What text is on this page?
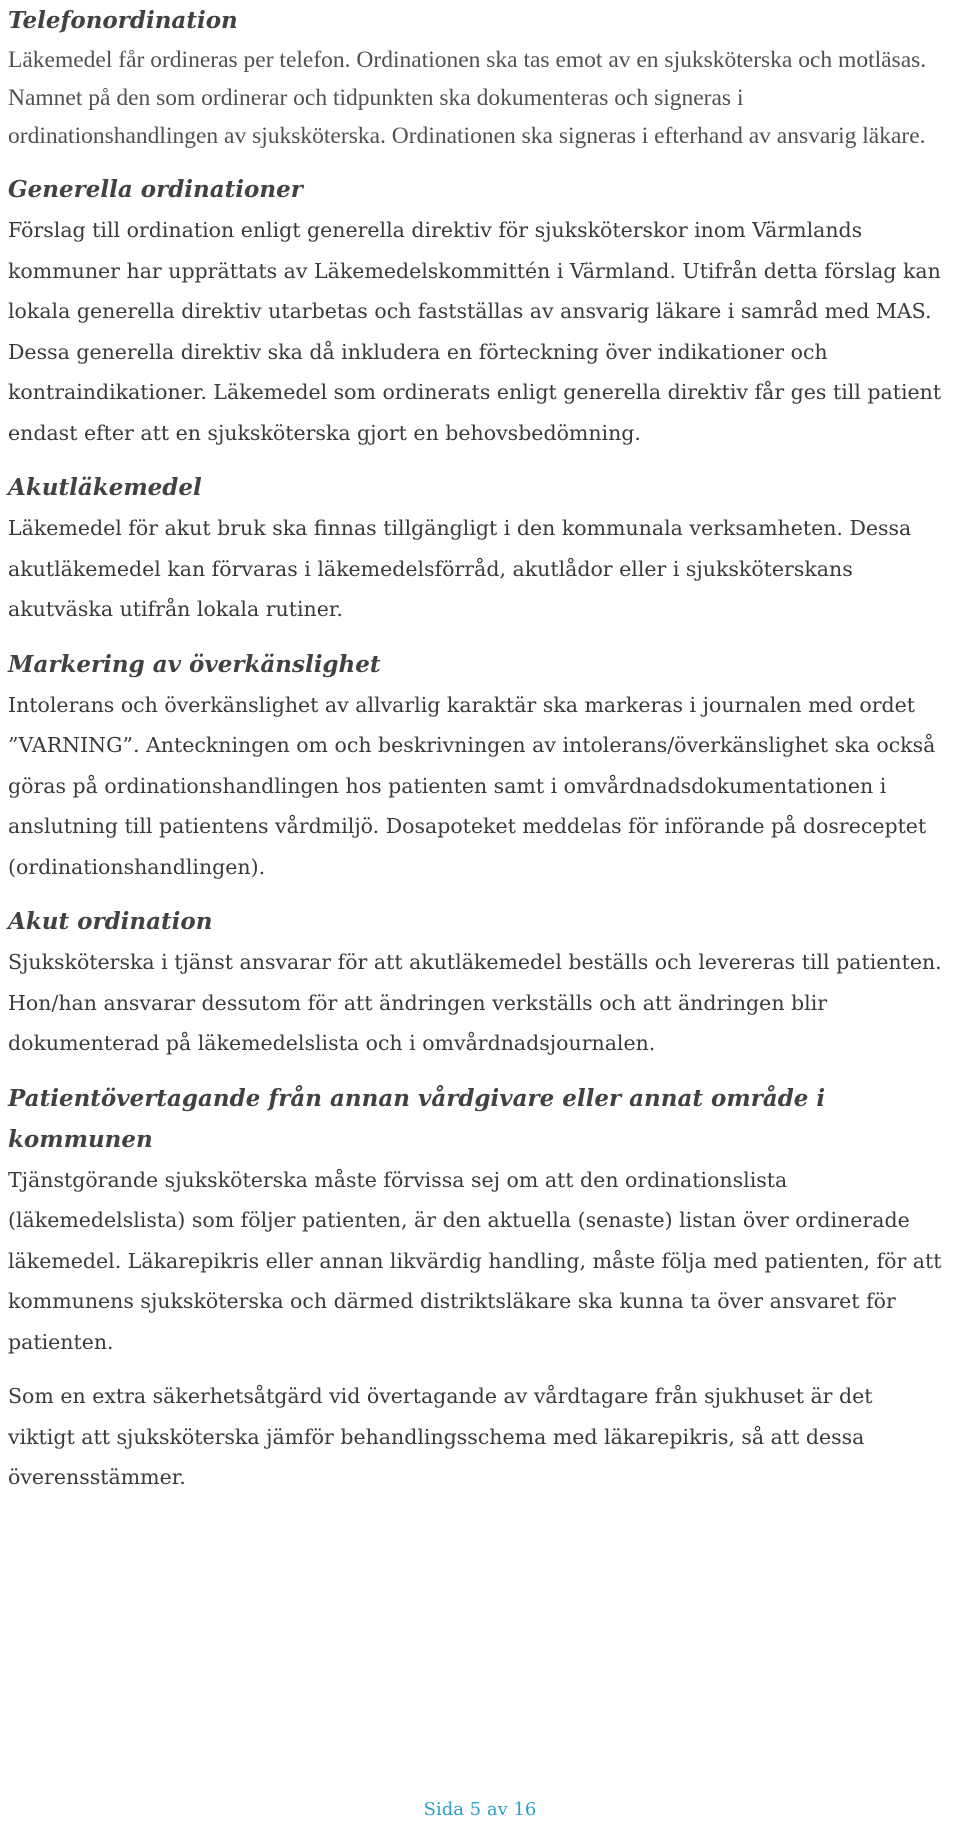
Telefonordination

Läkemedel får ordineras per telefon. Ordinationen ska tas emot av en sjuksköterska och motläsas. Namnet på den som ordinerar och tidpunkten ska dokumenteras och signeras i ordinationshandlingen av sjuksköterska. Ordinationen ska signeras i efterhand av ansvarig läkare.

Generella ordinationer

Förslag till ordination enligt generella direktiv för sjuksköterskor inom Värmlands kommuner har upprättats av Läkemedelskommittén i Värmland. Utifrån detta förslag kan lokala generella direktiv utarbetas och fastställas av ansvarig läkare i samråd med MAS. Dessa generella direktiv ska då inkludera en förteckning över indikationer och kontraindikationer. Läkemedel som ordinerats enligt generella direktiv får ges till patient endast efter att en sjuksköterska gjort en behovsbedömning.

Akutläkemedel

Läkemedel för akut bruk ska finnas tillgängligt i den kommunala verksamheten. Dessa akutläkemedel kan förvaras i läkemedelsförråd, akutlådor eller i sjuksköterskans akutväska utifrån lokala rutiner.

Markering av överkänslighet

Intolerans och överkänslighet av allvarlig karaktär ska markeras i journalen med ordet ”VARNING”. Anteckningen om och beskrivningen av intolerans/överkänslighet ska också göras på ordinationshandlingen hos patienten samt i omvårdnadsdokumentationen i anslutning till patientens vårdmiljö. Dosapoteket meddelas för införande på dosreceptet (ordinationshandlingen).

Akut ordination

Sjuksköterska i tjänst ansvarar för att akutläkemedel beställs och levereras till patienten. Hon/han ansvarar dessutom för att ändringen verkställs och att ändringen blir dokumenterad på läkemedelslista och i omvårdnadsjournalen.

Patientövertagande från annan vårdgivare eller annat område i kommunen

Tjänstgörande sjuksköterska måste förvissa sej om att den ordinationslista (läkemedelslista) som följer patienten, är den aktuella (senaste) listan över ordinerade läkemedel. Läkarepikris eller annan likvärdig handling, måste följa med patienten, för att kommunens sjuksköterska och därmed distriktsläkare ska kunna ta över ansvaret för patienten.

Som en extra säkerhetsåtgärd vid övertagande av vårdtagare från sjukhuset är det viktigt att sjuksköterska jämför behandlingsschema med läkarepikris, så att dessa överensstämmer.

Sida 5 av 16
